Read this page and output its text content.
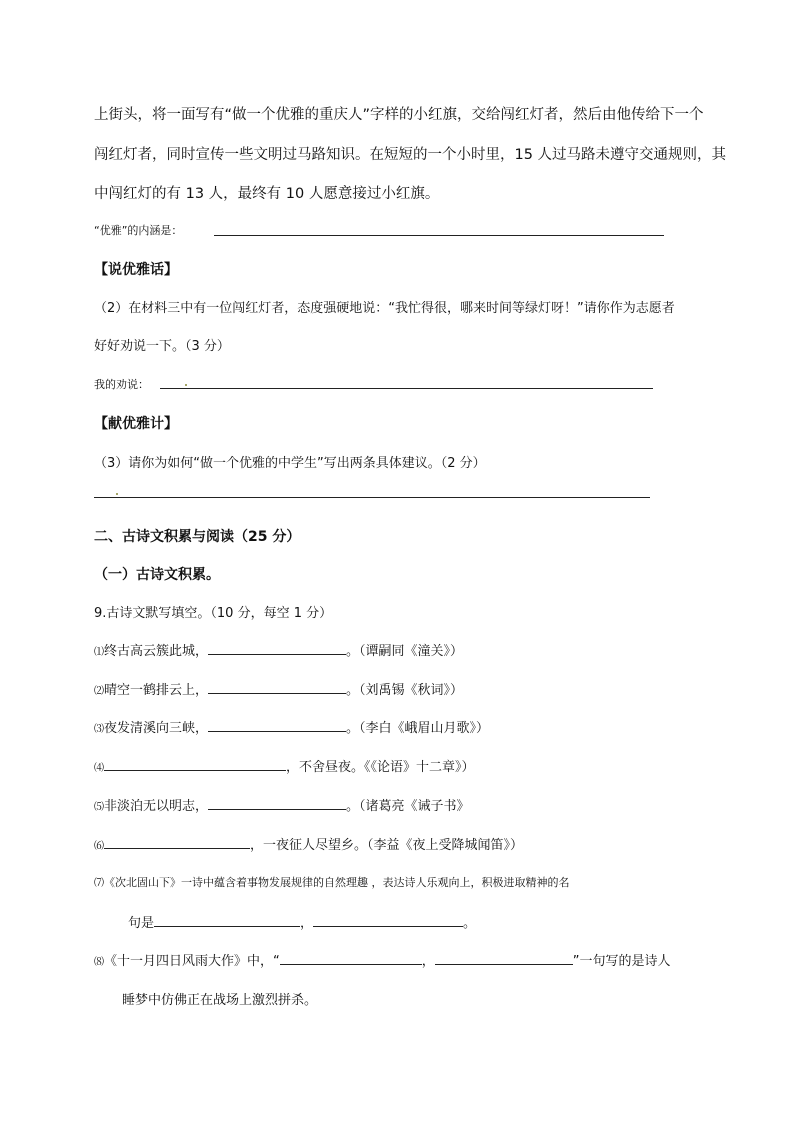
上街头，将一面写有“做一个优雅的重庆人”字样的小红旗，交给闯红灯者，然后由他传给下一个
闯红灯者，同时宣传一些文明过马路知识。在短短的一个小时里，15 人过马路未遵守交通规则，其
中闯红灯的有 13 人，最终有 10 人愿意接过小红旗。
“优雅”的内涵是：
【说优雅话】
（2）在材料三中有一位闯红灯者，态度强硬地说：“我忙得很，哪来时间等绿灯呀！”请你作为志愿者
好好劝说一下。（3 分）
我的劝说：
【献优雅计】
（3）请你为如何“做一个优雅的中学生”写出两条具体建议。（2 分）
二、古诗文积累与阅读（25 分）
（一）古诗文积累。
9.古诗文默写填空。（10 分，每空 1 分）
⑴终古高云簇此城，	。（谭嗣同《潼关》）
⑵晴空一鹤排云上，	。（刘禹锡《秋词》）
⑶夜发清溪向三峡，	。（李白《峨眉山月歌》）
⑷	，不舍昼夜。《《论语》十二章》）
⑸非淡泊无以明志，	。（诸葛亮《诫子书》
⑹	，一夜征人尽望乡。（李益《夜上受降城闻笛》）
⑺《次北固山下》一诗中蕴含着事物发展规律的自然理趣 ，表达诗人乐观向上，积极进取精神的名
句是	，	。
⑻《十一月四日风雨大作》中，“	，	”一句写的是诗人
睡梦中仿佛正在战场上激烈拼杀。
